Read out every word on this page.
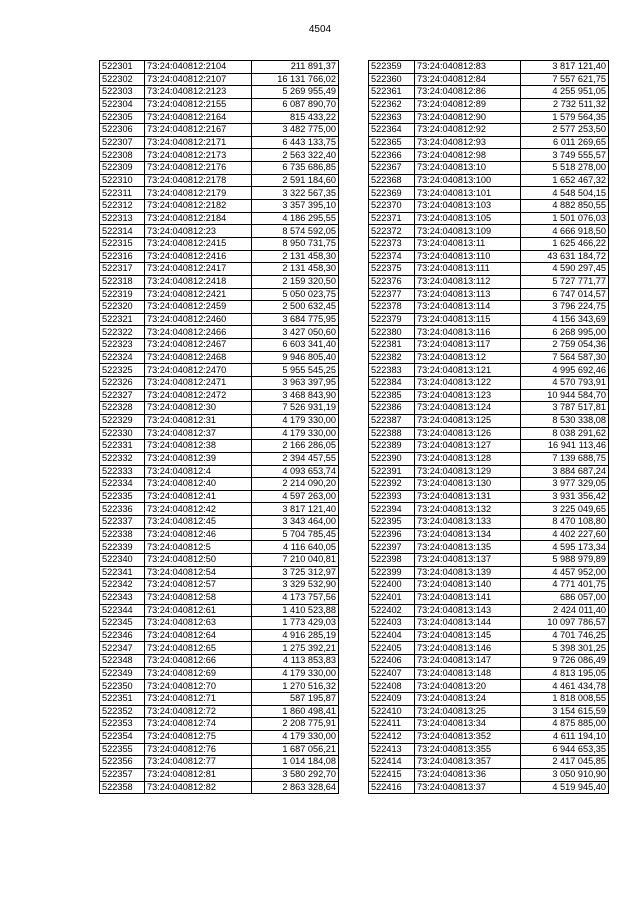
4504
522301	73:24:040812:2104	211 891,37
522302	73:24:040812:2107	16 131 766,02
522303	73:24:040812:2123	5 269 955,49
522304	73:24:040812:2155	6 087 890,70
522305	73:24:040812:2164	815 433,22
522306	73:24:040812:2167	3 482 775,00
522307	73:24:040812:2171	6 443 133,75
522308	73:24:040812:2173	2 563 322,40
522309	73:24:040812:2176	6 735 686,85
522310	73:24:040812:2178	2 591 184,60
522311	73:24:040812:2179	3 322 567,35
522312	73:24:040812:2182	3 357 395,10
522313	73:24:040812:2184	4 186 295,55
522314	73:24:040812:23	8 574 592,05
522315	73:24:040812:2415	8 950 731,75
522316	73:24:040812:2416	2 131 458,30
522317	73:24:040812:2417	2 131 458,30
522318	73:24:040812:2418	2 159 320,50
522319	73:24:040812:2421	5 050 023,75
522320	73:24:040812:2459	2 500 632,45
522321	73:24:040812:2460	3 684 775,95
522322	73:24:040812:2466	3 427 050,60
522323	73:24:040812:2467	6 603 341,40
522324	73:24:040812:2468	9 946 805,40
522325	73:24:040812:2470	5 955 545,25
522326	73:24:040812:2471	3 963 397,95
522327	73:24:040812:2472	3 468 843,90
522328	73:24:040812:30	7 526 931,19
522329	73:24:040812:31	4 179 330,00
522330	73:24:040812:37	4 179 330,00
522331	73:24:040812:38	2 166 286,05
522332	73:24:040812:39	2 394 457,55
522333	73:24:040812:4	4 093 653,74
522334	73:24:040812:40	2 214 090,20
522335	73:24:040812:41	4 597 263,00
522336	73:24:040812:42	3 817 121,40
522337	73:24:040812:45	3 343 464,00
522338	73:24:040812:46	5 704 785,45
522339	73:24:040812:5	4 116 640,05
522340	73:24:040812:50	7 210 040,81
522341	73:24:040812:54	3 725 312,97
522342	73:24:040812:57	3 329 532,90
522343	73:24:040812:58	4 173 757,56
522344	73:24:040812:61	1 410 523,88
522345	73:24:040812:63	1 773 429,03
522346	73:24:040812:64	4 916 285,19
522347	73:24:040812:65	1 275 392,21
522348	73:24:040812:66	4 113 853,83
522349	73:24:040812:69	4 179 330,00
522350	73:24:040812:70	1 270 516,32
522351	73:24:040812:71	587 195,87
522352	73:24:040812:72	1 860 498,41
522353	73:24:040812:74	2 208 775,91
522354	73:24:040812:75	4 179 330,00
522355	73:24:040812:76	1 687 056,21
522356	73:24:040812:77	1 014 184,08
522357	73:24:040812:81	3 580 292,70
522358	73:24:040812:82	2 863 328,64
522359	73:24:040812:83	3 817 121,40
522360	73:24:040812:84	7 557 621,75
522361	73:24:040812:86	4 255 951,05
522362	73:24:040812:89	2 732 511,32
522363	73:24:040812:90	1 579 564,35
522364	73:24:040812:92	2 577 253,50
522365	73:24:040812:93	6 011 269,65
522366	73:24:040812:98	3 749 555,57
522367	73:24:040813:10	5 518 278,00
522368	73:24:040813:100	1 652 467,32
522369	73:24:040813:101	4 548 504,15
522370	73:24:040813:103	4 882 850,55
522371	73:24:040813:105	1 501 076,03
522372	73:24:040813:109	4 666 918,50
522373	73:24:040813:11	1 625 466,22
522374	73:24:040813:110	43 631 184,72
522375	73:24:040813:111	4 590 297,45
522376	73:24:040813:112	5 727 771,77
522377	73:24:040813:113	6 747 014,57
522378	73:24:040813:114	3 796 224,75
522379	73:24:040813:115	4 156 343,69
522380	73:24:040813:116	6 268 995,00
522381	73:24:040813:117	2 759 054,36
522382	73:24:040813:12	7 564 587,30
522383	73:24:040813:121	4 995 692,46
522384	73:24:040813:122	4 570 793,91
522385	73:24:040813:123	10 944 584,70
522386	73:24:040813:124	3 787 517,81
522387	73:24:040813:125	8 530 338,08
522388	73:24:040813:126	8 038 291,62
522389	73:24:040813:127	16 941 113,46
522390	73:24:040813:128	7 139 688,75
522391	73:24:040813:129	3 884 687,24
522392	73:24:040813:130	3 977 329,05
522393	73:24:040813:131	3 931 356,42
522394	73:24:040813:132	3 225 049,65
522395	73:24:040813:133	8 470 108,80
522396	73:24:040813:134	4 402 227,60
522397	73:24:040813:135	4 595 173,34
522398	73:24:040813:137	5 988 979,89
522399	73:24:040813:139	4 457 952,00
522400	73:24:040813:140	4 771 401,75
522401	73:24:040813:141	686 057,00
522402	73:24:040813:143	2 424 011,40
522403	73:24:040813:144	10 097 786,57
522404	73:24:040813:145	4 701 746,25
522405	73:24:040813:146	5 398 301,25
522406	73:24:040813:147	9 726 086,49
522407	73:24:040813:148	4 813 195,05
522408	73:24:040813:20	4 461 434,78
522409	73:24:040813:24	1 818 008,55
522410	73:24:040813:25	3 154 615,59
522411	73:24:040813:34	4 875 885,00
522412	73:24:040813:352	4 611 194,10
522413	73:24:040813:355	6 944 653,35
522414	73:24:040813:357	2 417 045,85
522415	73:24:040813:36	3 050 910,90
522416	73:24:040813:37	4 519 945,40
